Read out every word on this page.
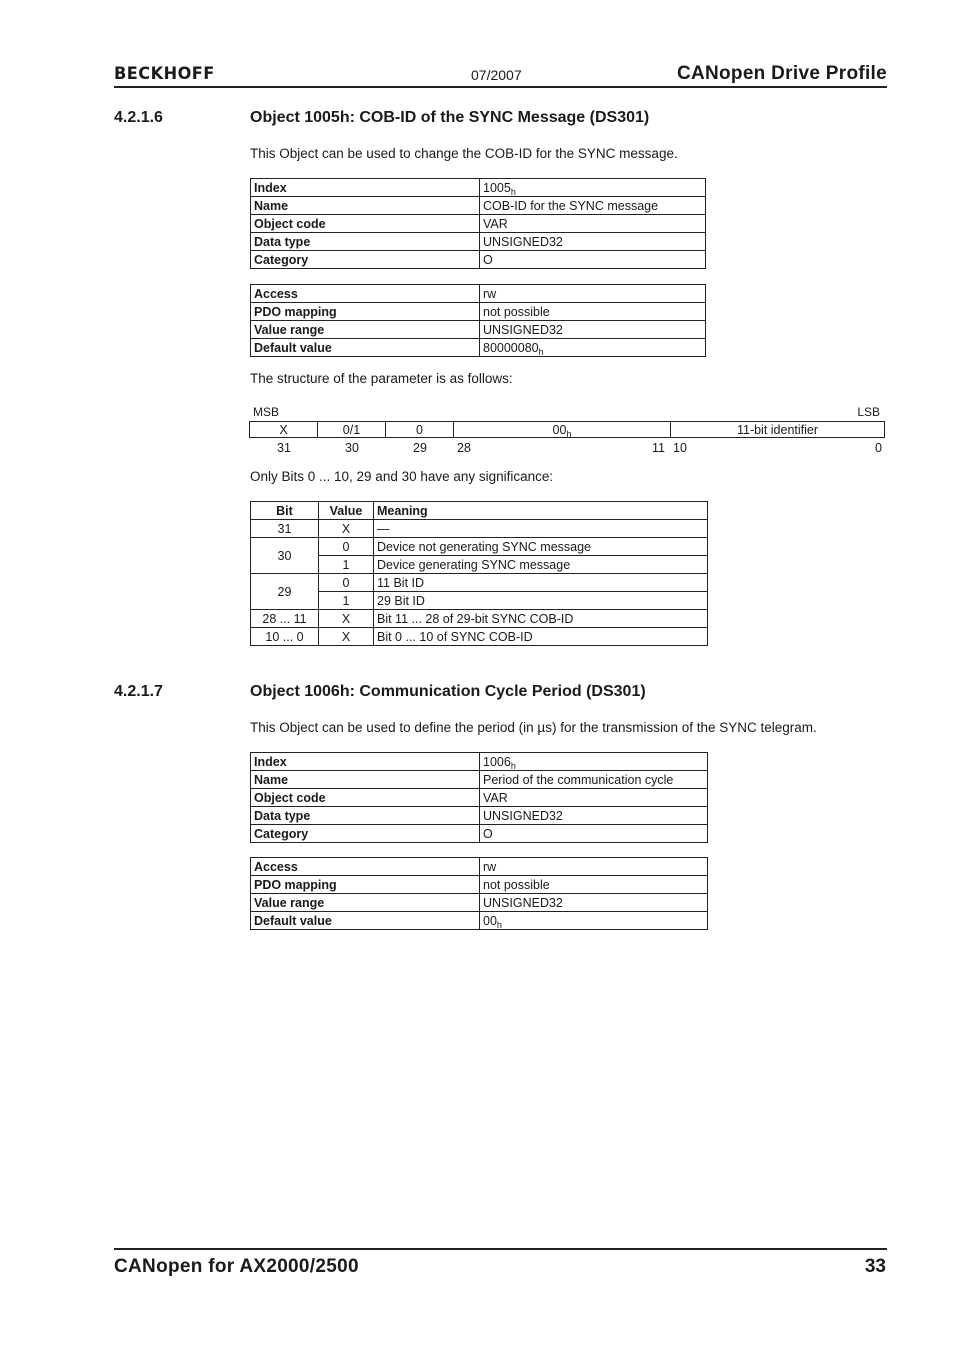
BECKHOFF	07/2007	CANopen Drive Profile
4.2.1.6	Object 1005h: COB-ID of the SYNC Message (DS301)
This Object can be used to change the COB-ID for the SYNC message.
Index	$1005_h$
Name	COB-ID for the SYNC message
Object code	VAR
Data type	UNSIGNED32
Category	O
Access	rw
PDO mapping	not possible
Value range	UNSIGNED32
Default value	$80000080_h$
The structure of the parameter is as follows:
MSB	LSB
X	0/1	0	$00_h$	11-bit identifier
31	30	29 28	11 10	0
Only Bits 0 ... 10, 29 and 30 have any significance:
Bit	Value	Meaning
31	X	—
30	0	Device not generating SYNC message
	1	Device generating SYNC message
29	0	11 Bit ID
	1	29 Bit ID
28 ... 11	X	Bit 11 ... 28 of 29-bit SYNC COB-ID
10 ... 0	X	Bit 0 ... 10 of SYNC COB-ID
4.2.1.7	Object 1006h: Communication Cycle Period (DS301)
This Object can be used to define the period (in µs) for the transmission of the SYNC telegram.
Index	$1006_h$
Name	Period of the communication cycle
Object code	VAR
Data type	UNSIGNED32
Category	O
Access	rw
PDO mapping	not possible
Value range	UNSIGNED32
Default value	$00_h$
CANopen for AX2000/2500	33
